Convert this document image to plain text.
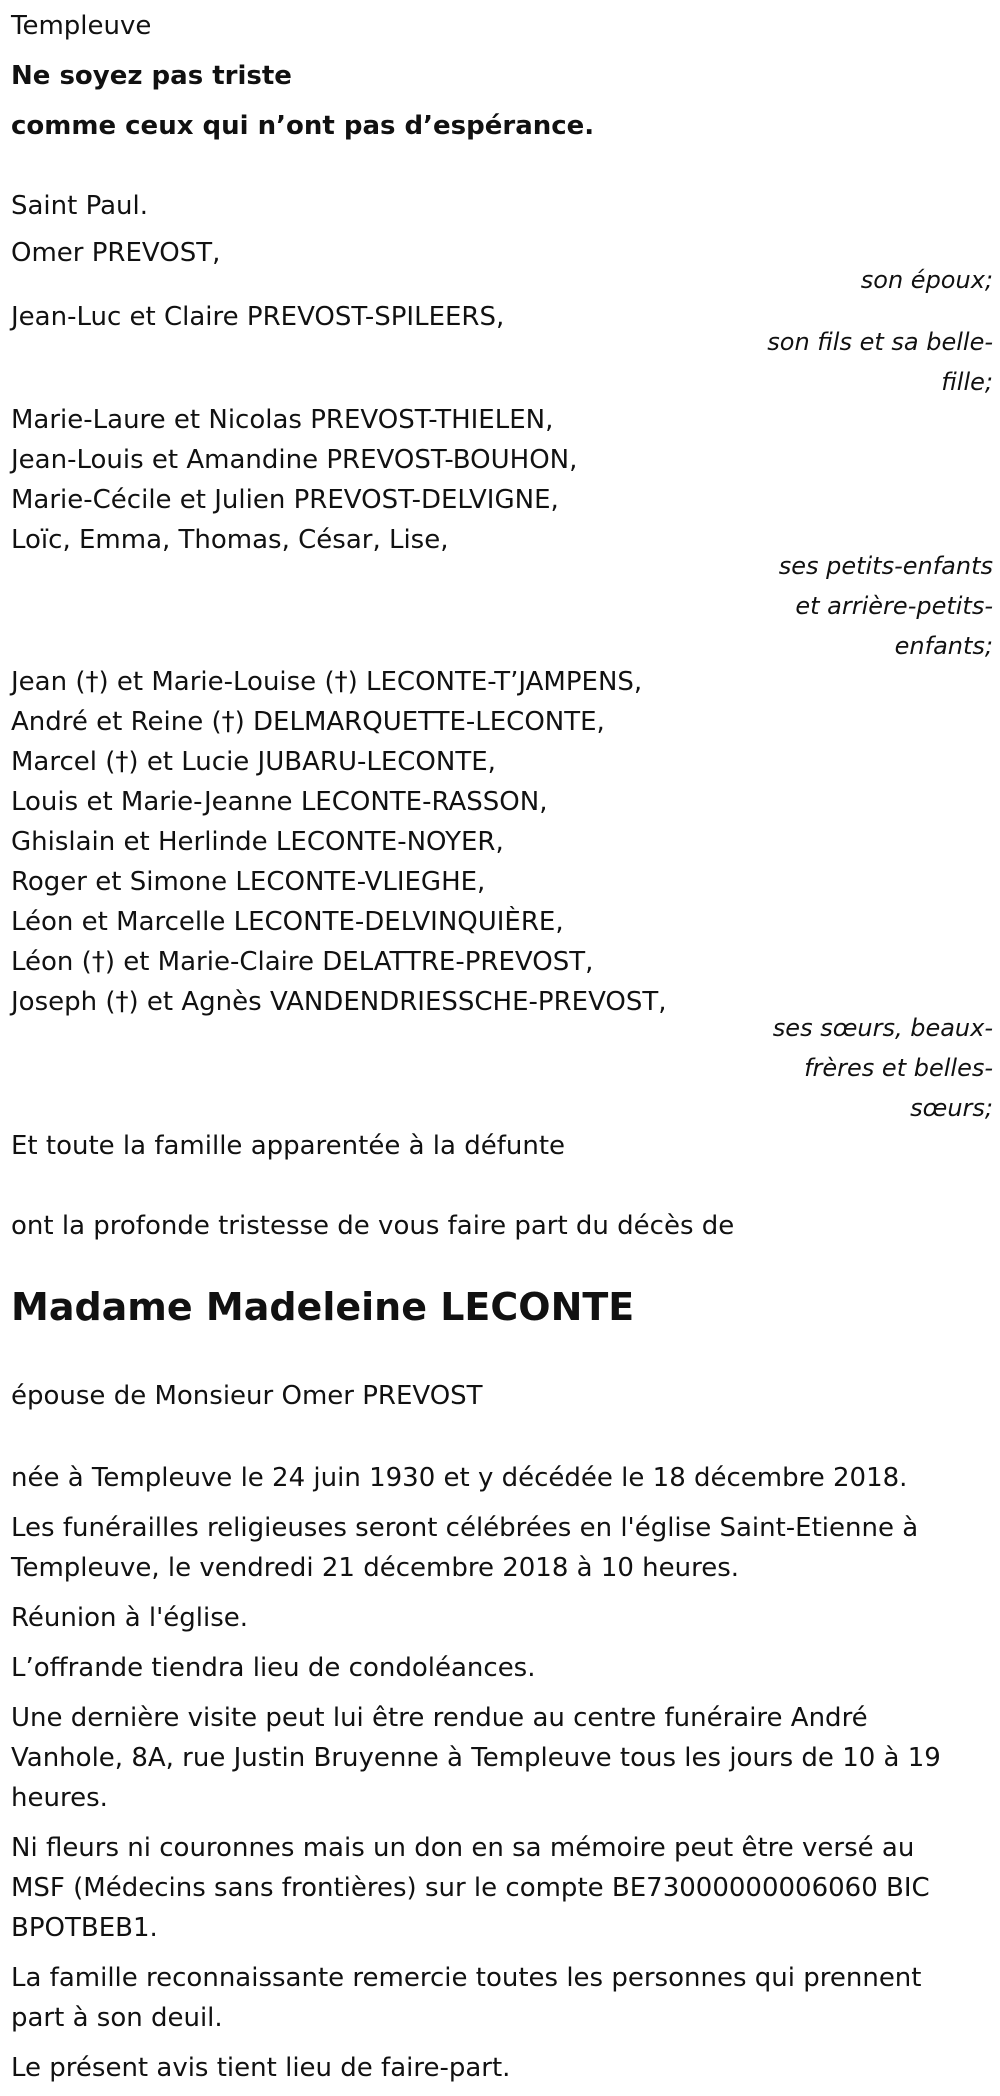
Templeuve
Ne soyez pas triste
comme ceux qui n’ont pas d’espérance.
Saint Paul.
Omer PREVOST,
son époux;
Jean-Luc et Claire PREVOST-SPILEERS,
son fils et sa belle-
fille;
Marie-Laure et Nicolas PREVOST-THIELEN,
Jean-Louis et Amandine PREVOST-BOUHON,
Marie-Cécile et Julien PREVOST-DELVIGNE,
Loïc, Emma, Thomas, César, Lise,
ses petits-enfants
et arrière-petits-
enfants;
Jean (†) et Marie-Louise (†) LECONTE-T’JAMPENS,
André et Reine (†) DELMARQUETTE-LECONTE,
Marcel (†) et Lucie JUBARU-LECONTE,
Louis et Marie-Jeanne LECONTE-RASSON,
Ghislain et Herlinde LECONTE-NOYER,
Roger et Simone LECONTE-VLIEGHE,
Léon et Marcelle LECONTE-DELVINQUIÈRE,
Léon (†) et Marie-Claire DELATTRE-PREVOST,
Joseph (†) et Agnès VANDENDRIESSCHE-PREVOST,
ses sœurs, beaux-
frères et belles-
sœurs;
Et toute la famille apparentée à la défunte
ont la profonde tristesse de vous faire part du décès de
Madame Madeleine LECONTE
épouse de Monsieur Omer PREVOST
née à Templeuve le 24 juin 1930 et y décédée le 18 décembre 2018.
Les funérailles religieuses seront célébrées en l'église Saint-Etienne à Templeuve, le vendredi 21 décembre 2018 à 10 heures.
Réunion à l'église.
L’offrande tiendra lieu de condoléances.
Une dernière visite peut lui être rendue au centre funéraire André Vanhole, 8A, rue Justin Bruyenne à Templeuve tous les jours de 10 à 19 heures.
Ni fleurs ni couronnes mais un don en sa mémoire peut être versé au MSF (Médecins sans frontières) sur le compte BE73000000006060 BIC BPOTBEB1.
La famille reconnaissante remercie toutes les personnes qui prennent part à son deuil.
Le présent avis tient lieu de faire-part.
